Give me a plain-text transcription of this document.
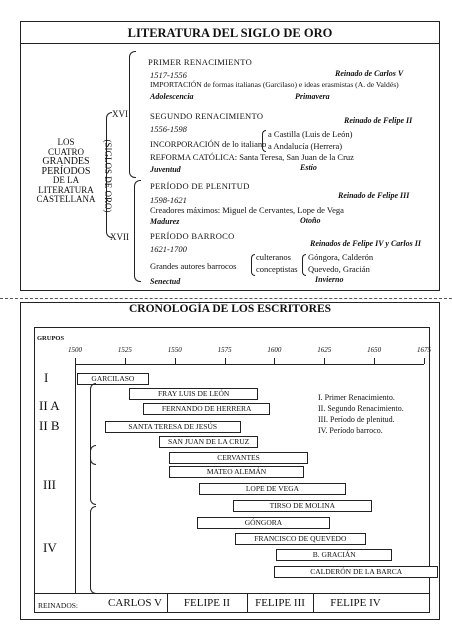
LITERATURA DEL SIGLO DE ORO
LOS
CUATRO
GRANDES
PERÍODOS
DE LA
LITERATURA
CASTELLANA (SIGLOS DE ORO)
XVI
XVII
PRIMER RENACIMIENTO
1517-1556	Reinado de Carlos V
IMPORTACIÓN de formas italianas (Garcilaso) e ideas erasmistas (A. de Valdés)
Adolescencia	Primavera
SEGUNDO RENACIMIENTO
1556-1598
Reinado de Felipe II
INCORPORACIÓN de lo italiano
a Castilla (Luis de León)
a Andalucía (Herrera)
REFORMA CATÓLICA: Santa Teresa, San Juan de la Cruz
Juventud	Estío
PERÍODO DE PLENITUD
1598-1621	Reinado de Felipe III
Creadores máximos: Miguel de Cervantes, Lope de Vega
Madurez	Otoño
PERÍODO BARROCO
1621-1700
Reinados de Felipe IV y Carlos II
Grandes autores barrocos
culteranos
conceptistas
Góngora, Calderón
Quevedo, Gracián
Senectud	Invierno
CRONOLOGÍA DE LOS ESCRITORES
GRUPOS
1500	1525	1550	1575	1600	1625	1650	1675
GARCILASO
FRAY LUIS DE LEÓN
FERNANDO DE HERRERA
SANTA TERESA DE JESÚS
SAN JUAN DE LA CRUZ
CERVANTES
MATEO ALEMÁN
LOPE DE VEGA
TIRSO DE MOLINA
GÓNGORA
FRANCISCO DE QUEVEDO
B. GRACIÁN
CALDERÓN DE LA BARCA
I
II A
II B
III
IV
I. Primer Renacimiento.
II. Segundo Renacimiento.
III. Período de plenitud.
IV. Período barroco.
REINADOS:	CARLOS V	FELIPE II	FELIPE III	FELIPE IV
